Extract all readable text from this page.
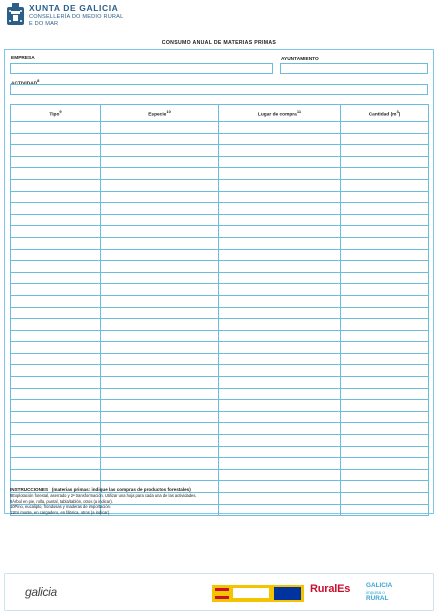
XUNTA DE GALICIA
CONSELLERÍA DO MEDIO RURAL
E DO MAR
CONSUMO ANUAL DE MATERIAS PRIMAS
EMPRESA	AYUNTAMIENTO
ACTIVIDAD$^8$
Tipo$^9$	Especie$^{10}$	Lugar de compra$^{11}$	Cantidad $(m^3)$

INSTRUCCIONES (materias primas: indique las compras de productos forestales)
8Explotación forestal, aserrado y 2ª transformación. Utilizar una hoja para cada una de las actividades.
9Árbol en pie, rolla, puntal, tabla/tablón, otros (a indicar).
10Pino, eucalipto, frondosas y maderas de importación.
11En monte, en cargadero, en fábrica, otros (a indicar).
galicia	RuralEs GALICIA
impulsa o
RURAL
